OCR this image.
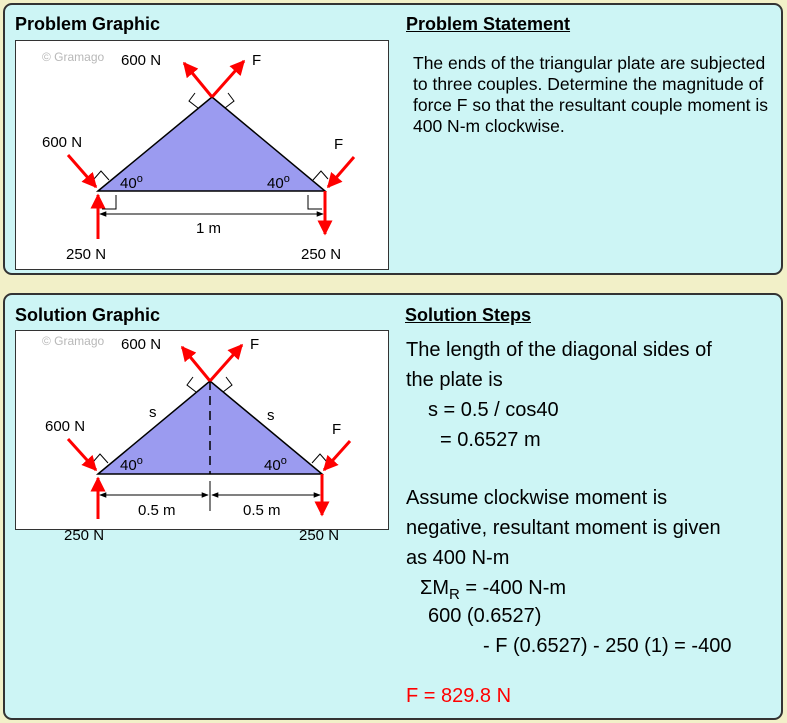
Problem Graphic	Problem Statement
The ends of the triangular plate are subjected to three couples. Determine the magnitude of force F so that the resultant couple moment is 400 N-m clockwise.
© Gramago 600 N	F
600 N	F
40$^o$	40$^o$
1 m
250 N	250 N
Solution Graphic	Solution Steps
© Gramago 600 N	F
600 N	F
s	s
40$^o$	40$^o$
0.5 m	0.5 m
250 N	250 N
The length of the diagonal sides of
the plate is
s = 0.5 / cos40
= 0.6527 m
Assume clockwise moment is
negative, resultant moment is given
as 400 N-m
$\Sigma M_R = -400$ N-m
600 (0.6527)
- F (0.6527) - 250 (1) = -400
F = 829.8 N
